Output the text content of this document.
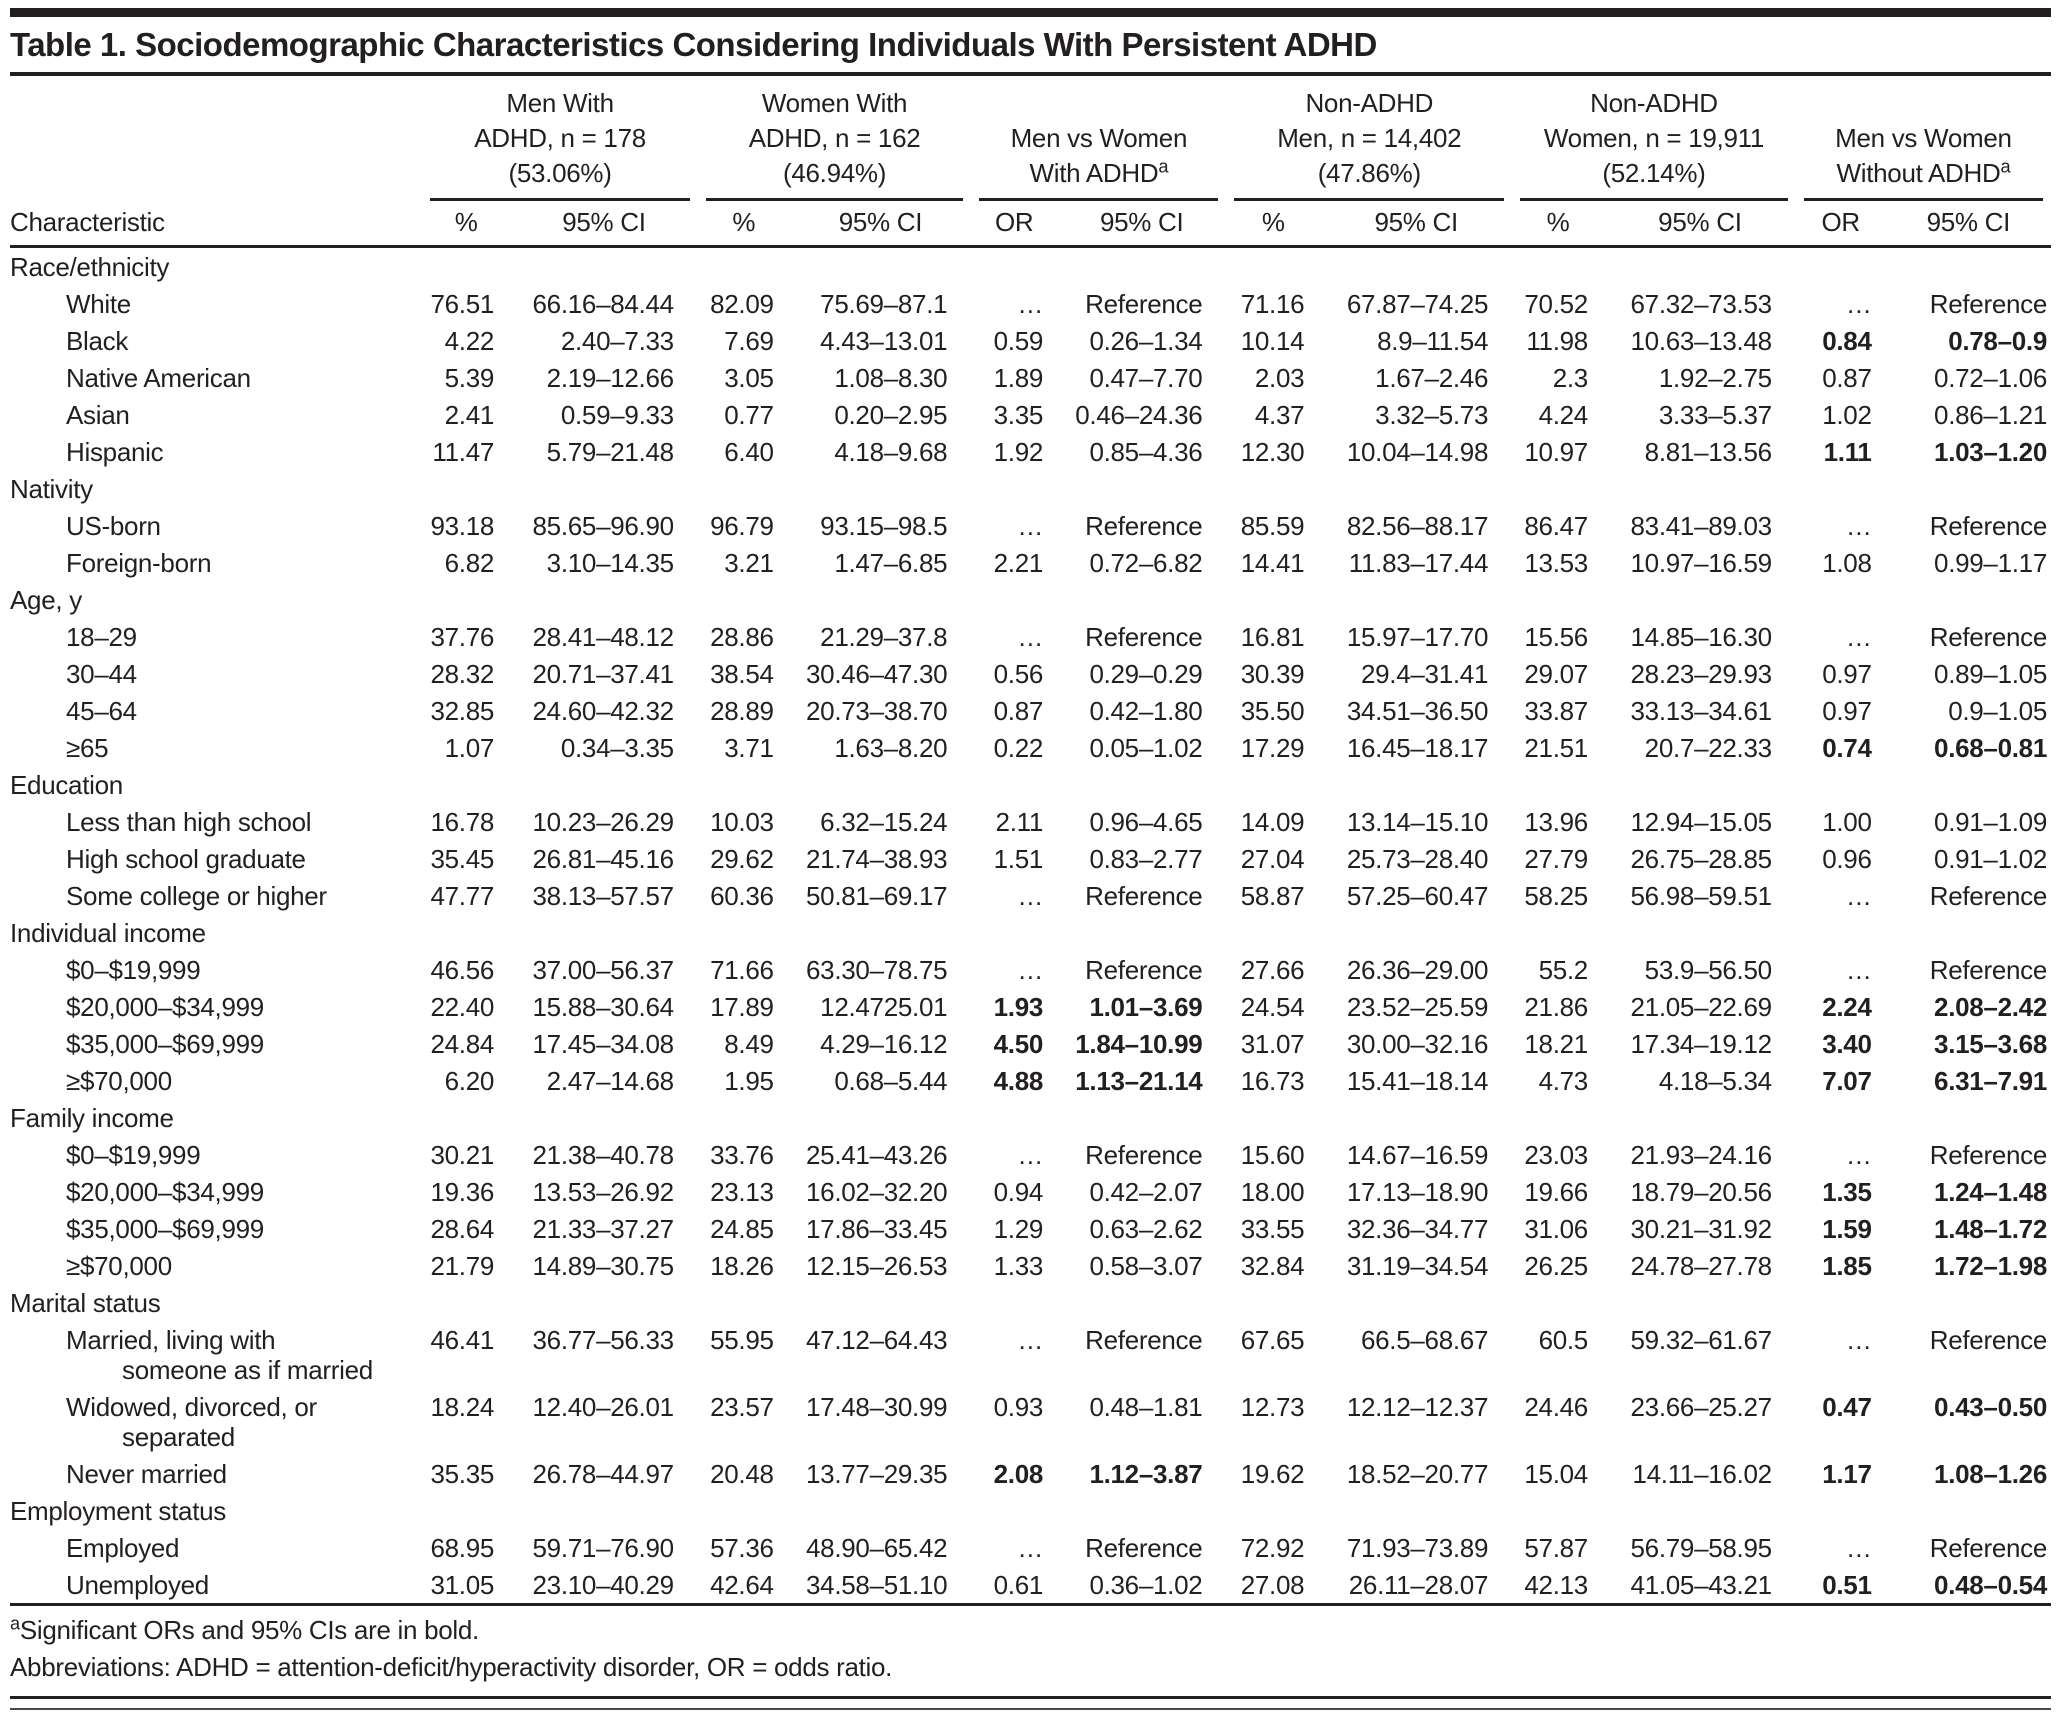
Table 1. Sociodemographic Characteristics Considering Individuals With Persistent ADHD

	Men With
ADHD, n = 178
(53.06%)		Women With
ADHD, n = 162
(46.94%)		Men vs Women
With ADHD$^a$		Non-ADHD
Men, n = 14,402
(47.86%)		Non-ADHD
Women, n = 19,911
(52.14%)		Men vs Women
Without ADHD$^a$

Characteristic	%	95% CI	%	95% CI	OR	95% CI	%	95% CI	%	95% CI	OR	95% CI
Race/ethnicity												

White	76.51	66.16–84.44	82.09	75.69–87.1	…	Reference	71.16	67.87–74.25	70.52	67.32–73.53	…	Reference

Black	4.22	2.40–7.33	7.69	4.43–13.01	0.59	0.26–1.34	10.14	8.9–11.54	11.98	10.63–13.48	0.84	0.78–0.9

Native American	5.39	2.19–12.66	3.05	1.08–8.30	1.89	0.47–7.70	2.03	1.67–2.46	2.3	1.92–2.75	0.87	0.72–1.06

Asian	2.41	0.59–9.33	0.77	0.20–2.95	3.35	0.46–24.36	4.37	3.32–5.73	4.24	3.33–5.37	1.02	0.86–1.21

Hispanic	11.47	5.79–21.48	6.40	4.18–9.68	1.92	0.85–4.36	12.30	10.04–14.98	10.97	8.81–13.56	1.11	1.03–1.20
Nativity												

US-born	93.18	85.65–96.90	96.79	93.15–98.5	…	Reference	85.59	82.56–88.17	86.47	83.41–89.03	…	Reference

Foreign-born	6.82	3.10–14.35	3.21	1.47–6.85	2.21	0.72–6.82	14.41	11.83–17.44	13.53	10.97–16.59	1.08	0.99–1.17
Age, y												

18–29	37.76	28.41–48.12	28.86	21.29–37.8	…	Reference	16.81	15.97–17.70	15.56	14.85–16.30	…	Reference

30–44	28.32	20.71–37.41	38.54	30.46–47.30	0.56	0.29–0.29	30.39	29.4–31.41	29.07	28.23–29.93	0.97	0.89–1.05

45–64	32.85	24.60–42.32	28.89	20.73–38.70	0.87	0.42–1.80	35.50	34.51–36.50	33.87	33.13–34.61	0.97	0.9–1.05

≥65	1.07	0.34–3.35	3.71	1.63–8.20	0.22	0.05–1.02	17.29	16.45–18.17	21.51	20.7–22.33	0.74	0.68–0.81
Education												

Less than high school	16.78	10.23–26.29	10.03	6.32–15.24	2.11	0.96–4.65	14.09	13.14–15.10	13.96	12.94–15.05	1.00	0.91–1.09

High school graduate	35.45	26.81–45.16	29.62	21.74–38.93	1.51	0.83–2.77	27.04	25.73–28.40	27.79	26.75–28.85	0.96	0.91–1.02

Some college or higher	47.77	38.13–57.57	60.36	50.81–69.17	…	Reference	58.87	57.25–60.47	58.25	56.98–59.51	…	Reference
Individual income												

$0–$19,999	46.56	37.00–56.37	71.66	63.30–78.75	…	Reference	27.66	26.36–29.00	55.2	53.9–56.50	…	Reference

$20,000–$34,999	22.40	15.88–30.64	17.89	12.4725.01	1.93	1.01–3.69	24.54	23.52–25.59	21.86	21.05–22.69	2.24	2.08–2.42

$35,000–$69,999	24.84	17.45–34.08	8.49	4.29–16.12	4.50	1.84–10.99	31.07	30.00–32.16	18.21	17.34–19.12	3.40	3.15–3.68

≥$70,000	6.20	2.47–14.68	1.95	0.68–5.44	4.88	1.13–21.14	16.73	15.41–18.14	4.73	4.18–5.34	7.07	6.31–7.91
Family income												

$0–$19,999	30.21	21.38–40.78	33.76	25.41–43.26	…	Reference	15.60	14.67–16.59	23.03	21.93–24.16	…	Reference

$20,000–$34,999	19.36	13.53–26.92	23.13	16.02–32.20	0.94	0.42–2.07	18.00	17.13–18.90	19.66	18.79–20.56	1.35	1.24–1.48

$35,000–$69,999	28.64	21.33–37.27	24.85	17.86–33.45	1.29	0.63–2.62	33.55	32.36–34.77	31.06	30.21–31.92	1.59	1.48–1.72

≥$70,000	21.79	14.89–30.75	18.26	12.15–26.53	1.33	0.58–3.07	32.84	31.19–34.54	26.25	24.78–27.78	1.85	1.72–1.98
Marital status												

Married, living with
someone as if married	46.41	36.77–56.33	55.95	47.12–64.43	…	Reference	67.65	66.5–68.67	60.5	59.32–61.67	…	Reference

Widowed, divorced, or
separated	18.24	12.40–26.01	23.57	17.48–30.99	0.93	0.48–1.81	12.73	12.12–12.37	24.46	23.66–25.27	0.47	0.43–0.50

Never married	35.35	26.78–44.97	20.48	13.77–29.35	2.08	1.12–3.87	19.62	18.52–20.77	15.04	14.11–16.02	1.17	1.08–1.26
Employment status												

Employed	68.95	59.71–76.90	57.36	48.90–65.42	…	Reference	72.92	71.93–73.89	57.87	56.79–58.95	…	Reference

Unemployed	31.05	23.10–40.29	42.64	34.58–51.10	0.61	0.36–1.02	27.08	26.11–28.07	42.13	41.05–43.21	0.51	0.48–0.54
$^a$Significant ORs and 95% CIs are in bold.
Abbreviations: ADHD = attention-deficit/hyperactivity disorder, OR = odds ratio.
